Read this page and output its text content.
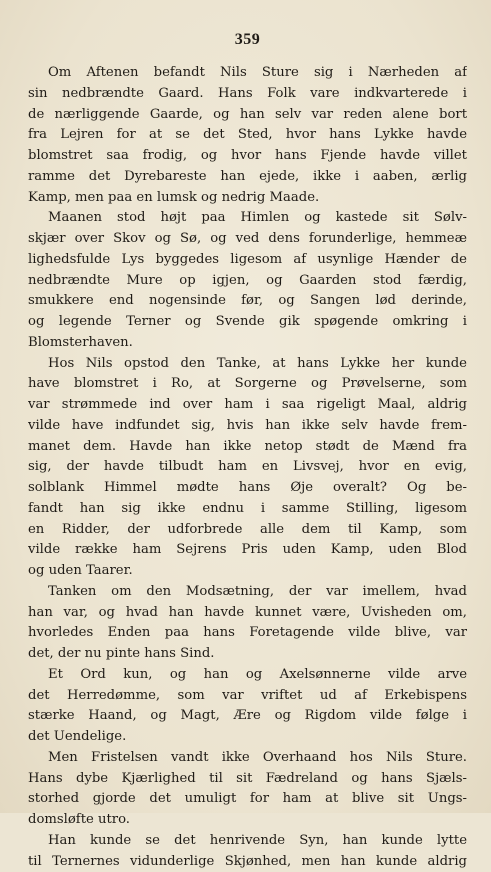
359
Om Aftenen befandt Nils Sture sig i Nærheden af
sin nedbrændte Gaard. Hans Folk vare indkvarterede i
de nærliggende Gaarde, og han selv var reden alene bort
fra Lejren for at se det Sted, hvor hans Lykke havde
blomstret saa frodig, og hvor hans Fjende havde villet
ramme det Dyrebareste han ejede, ikke i aaben, ærlig
Kamp, men paa en lumsk og nedrig Maade.
Maanen stod højt paa Himlen og kastede sit Sølv-
skjær over Skov og Sø, og ved dens forunderlige, hemmeæ
lighedsfulde Lys byggedes ligesom af usynlige Hænder de
nedbrændte Mure op igjen, og Gaarden stod færdig,
smukkere end nogensinde før, og Sangen lød derinde,
og legende Terner og Svende gik spøgende omkring i
Blomsterhaven.
Hos Nils opstod den Tanke, at hans Lykke her kunde
have blomstret i Ro, at Sorgerne og Prøvelserne, som
var strømmede ind over ham i saa rigeligt Maal, aldrig
vilde have indfundet sig, hvis han ikke selv havde frem-
manet dem. Havde han ikke netop stødt de Mænd fra
sig, der havde tilbudt ham en Livsvej, hvor en evig,
solblank Himmel mødte hans Øje overalt? Og be-
fandt han sig ikke endnu i samme Stilling, ligesom
en Ridder, der udforbrede alle dem til Kamp, som
vilde række ham Sejrens Pris uden Kamp, uden Blod
og uden Taarer.
Tanken om den Modsætning, der var imellem, hvad
han var, og hvad han havde kunnet være, Uvisheden om,
hvorledes Enden paa hans Foretagende vilde blive, var
det, der nu pinte hans Sind.
Et Ord kun, og han og Axelsønnerne vilde arve
det Herredømme, som var vriftet ud af Erkebispens
stærke Haand, og Magt, Ære og Rigdom vilde følge i
det Uendelige.
Men Fristelsen vandt ikke Overhaand hos Nils Sture.
Hans dybe Kjærlighed til sit Fædreland og hans Sjæls-
storhed gjorde det umuligt for ham at blive sit Ungs-
domsløfte utro.
Han kunde se det henrivende Syn, han kunde lytte
til Ternernes vidunderlige Skjønhed, men han kunde aldrig
